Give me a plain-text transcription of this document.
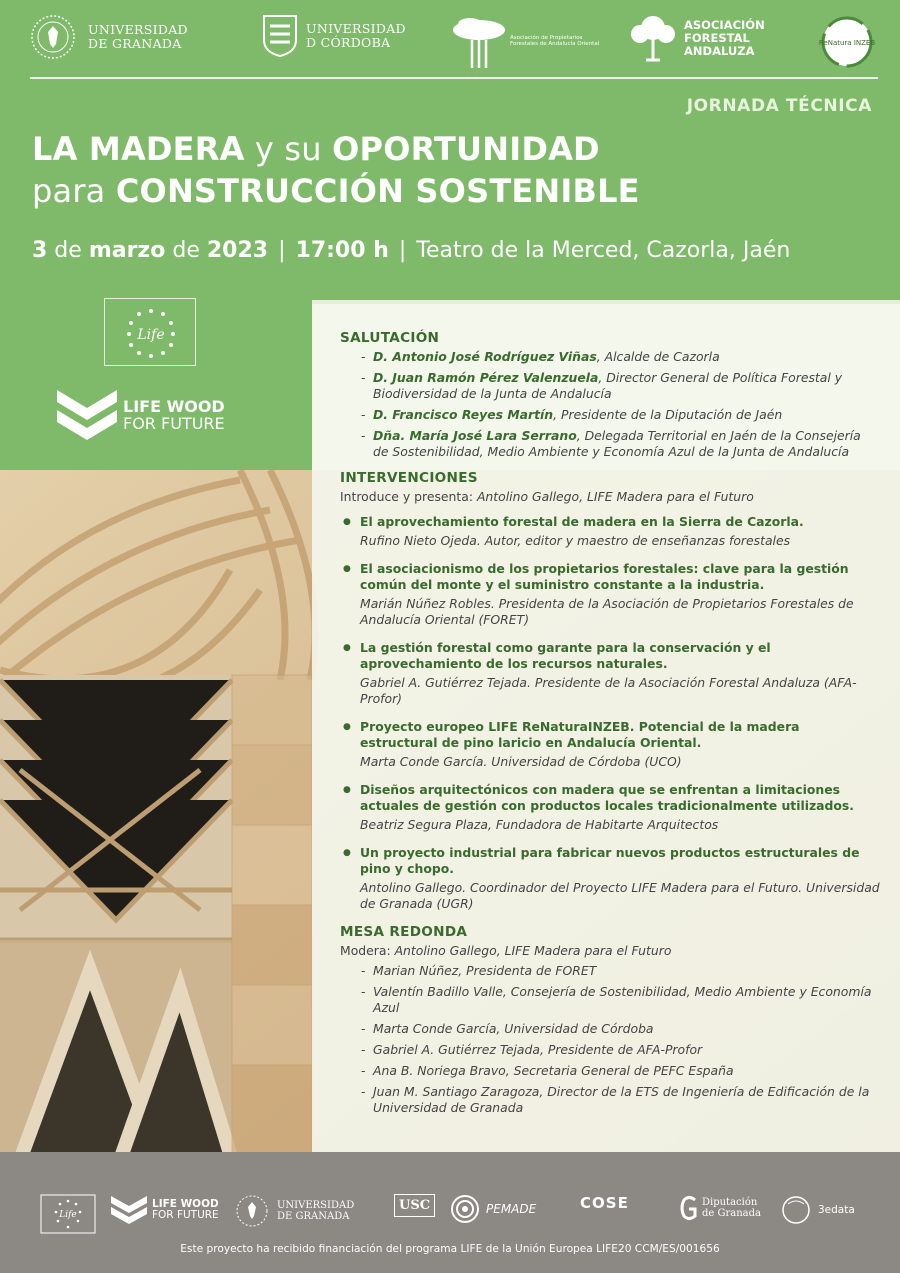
UNIVERSIDAD
DE GRANADA
UNIVERSIDAD
D CÓRDOBA	Asociación de Propietarios Forestales de Andalucía Oriental
ASOCIACIÓN
FORESTAL
ANDALUZA
ReNatura INZEB
JORNADA TÉCNICA
LA MADERA y su OPORTUNIDAD
para CONSTRUCCIÓN SOSTENIBLE
3 de marzo de 2023 | 17:00 h | Teatro de la Merced, Cazorla, Jaén
Life
LIFE WOOD
FOR FUTURE
SALUTACIÓN
- D. Antonio José Rodríguez Viñas, Alcalde de Cazorla
- D. Juan Ramón Pérez Valenzuela, Director General de Política Forestal y Biodiversidad de la Junta de Andalucía
- D. Francisco Reyes Martín, Presidente de la Diputación de Jaén
- Dña. María José Lara Serrano, Delegada Territorial en Jaén de la Consejería de Sostenibilidad, Medio Ambiente y Economía Azul de la Junta de Andalucía
INTERVENCIONES
Introduce y presenta: Antolino Gallego, LIFE Madera para el Futuro
● El aprovechamiento forestal de madera en la Sierra de Cazorla.
Rufino Nieto Ojeda. Autor, editor y maestro de enseñanzas forestales
● El asociacionismo de los propietarios forestales: clave para la gestión común del monte y el suministro constante a la industria.
Marián Núñez Robles. Presidenta de la Asociación de Propietarios Forestales de Andalucía Oriental (FORET)
● La gestión forestal como garante para la conservación y el aprovechamiento de los recursos naturales.
Gabriel A. Gutiérrez Tejada. Presidente de la Asociación Forestal Andaluza (AFA-Profor)
● Proyecto europeo LIFE ReNaturaINZEB. Potencial de la madera estructural de pino laricio en Andalucía Oriental.
Marta Conde García. Universidad de Córdoba (UCO)
● Diseños arquitectónicos con madera que se enfrentan a limitaciones actuales de gestión con productos locales tradicionalmente utilizados.
Beatriz Segura Plaza, Fundadora de Habitarte Arquitectos
● Un proyecto industrial para fabricar nuevos productos estructurales de pino y chopo.
Antolino Gallego. Coordinador del Proyecto LIFE Madera para el Futuro. Universidad de Granada (UGR)
MESA REDONDA
Modera: Antolino Gallego, LIFE Madera para el Futuro
- Marian Núñez, Presidenta de FORET
- Valentín Badillo Valle, Consejería de Sostenibilidad, Medio Ambiente y Economía Azul
- Marta Conde García, Universidad de Córdoba
- Gabriel A. Gutiérrez Tejada, Presidente de AFA-Profor
- Ana B. Noriega Bravo, Secretaria General de PEFC España
- Juan M. Santiago Zaragoza, Director de la ETS de Ingeniería de Edificación de la Universidad de Granada
Life
LIFE WOOD
FOR FUTURE
UNIVERSIDAD
DE GRANADA
USC	PEMADE	COSE	Diputación
de Granada	3edata
Este proyecto ha recibido financiación del programa LIFE de la Unión Europea LIFE20 CCM/ES/001656
